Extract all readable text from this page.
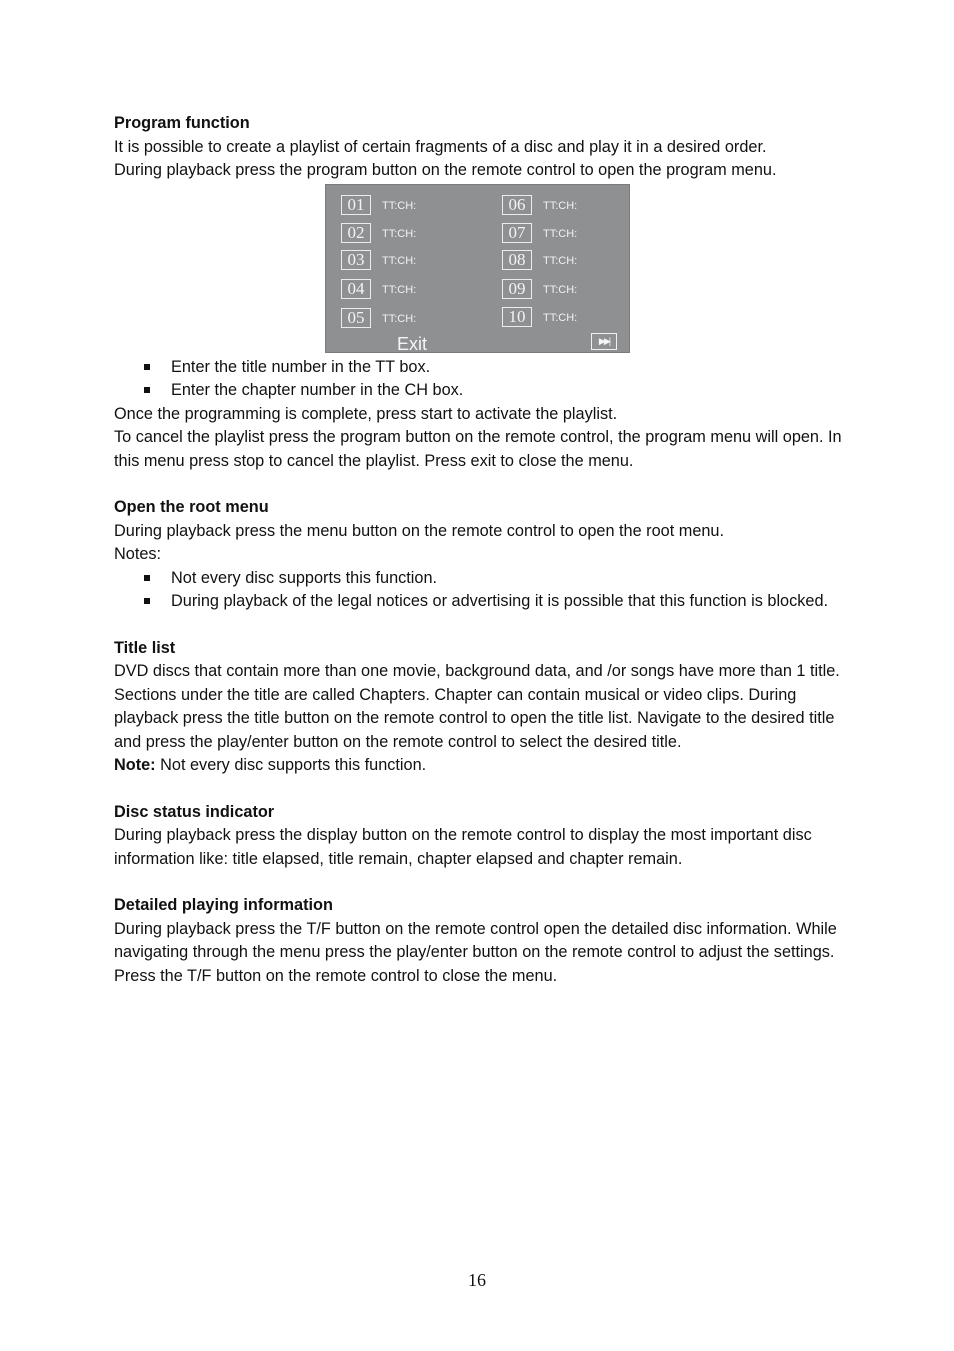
Program function

It is possible to create a playlist of certain fragments of a disc and play it in a desired order.

During playback press the program button on the remote control to open the program menu.

01	TT:CH:
02	TT:CH:
03	TT:CH:
04	TT:CH:
05	TT:CH:
06	TT:CH:
07	TT:CH:
08	TT:CH:
09	TT:CH:
10	TT:CH:
Exit	▶▶|
Enter the title number in the TT box.
Enter the chapter number in the CH box.

Once the programming is complete, press start to activate the playlist.

To cancel the playlist press the program button on the remote control, the program menu will open. In this menu press stop to cancel the playlist. Press exit to close the menu.

Open the root menu

During playback press the menu button on the remote control to open the root menu.

Notes:

Not every disc supports this function.
During playback of the legal notices or advertising it is possible that this function is blocked.

Title list

DVD discs that contain more than one movie, background data, and /or songs have more than 1 title. Sections under the title are called Chapters. Chapter can contain musical or video clips. During playback press the title button on the remote control to open the title list. Navigate to the desired title and press the play/enter button on the remote control to select the desired title.

Note: Not every disc supports this function.

Disc status indicator

During playback press the display button on the remote control to display the most important disc information like: title elapsed, title remain, chapter elapsed and chapter remain.

Detailed playing information

During playback press the T/F button on the remote control open the detailed disc information. While navigating through the menu press the play/enter button on the remote control to adjust the settings. Press the T/F button on the remote control to close the menu.

16
